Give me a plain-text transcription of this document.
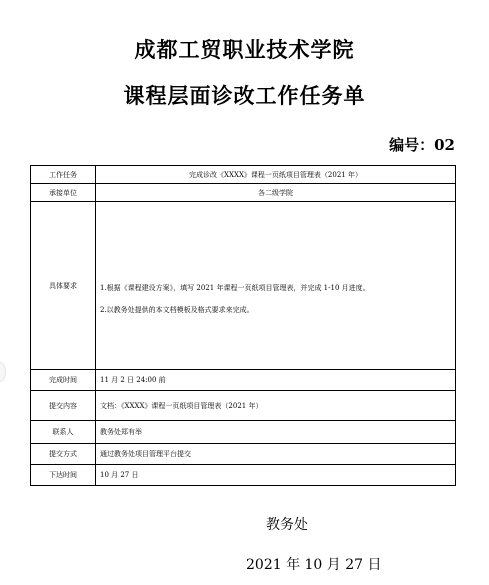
成都工贸职业技术学院
课程层面诊改工作任务单
编号：02
工作任务	完成诊改《XXXX》课程一页纸项目管理表（2021 年）
承接单位	各二级学院
具体要求	1.根据《课程建设方案》，填写 2021 年课程一页纸项目管理表，并完成 1-10 月进度。
2.以教务处提供的本文档模板及格式要求来完成。

完成时间	11 月 2 日 24:00 前
提交内容	文档：《XXXX》课程一页纸项目管理表（2021 年）
联系人	教务处郑有举
提交方式	通过教务处项目管理平台提交
下达时间	10 月 27 日
教务处
2021 年 10 月 27 日
